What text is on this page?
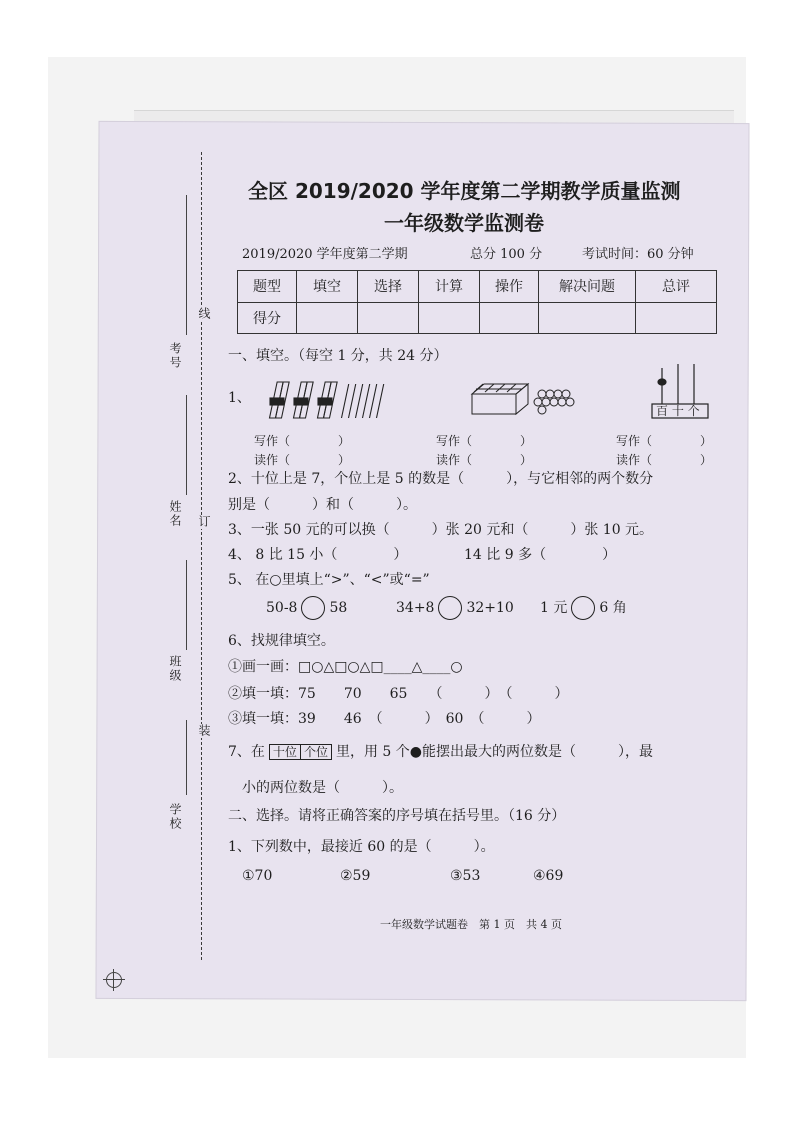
考号
姓名
班级
学校
线
订
装
全区 2019/2020 学年度第二学期教学质量监测
一年级数学监测卷
2019/2020 学年度第二学期	总分 100 分	考试时间：60 分钟
题型	填空	选择	计算	操作	解决问题	总评
得分						
一、填空。（每空 1 分，共 24 分）
1、
百 十 个
写作（　　　　）
读作（　　　　）
写作（　　　　）
读作（　　　　）
写作（　　　　）
读作（　　　　）
2、十位上是 7，个位上是 5 的数是（　　　），与它相邻的两个数分
别是（　　　）和（　　　）。
3、一张 50 元的可以换（　　　）张 20 元和（　　　）张 10 元。
4、 8 比 15 小（　　　　）	14 比 9 多（　　　　）
5、 在○里填上“>”、“<”或“=”
50-8 58	34+8 32+10 1 元 6 角
6、找规律填空。
①画一画：□○△□○△□____△____○
②填一填：75　　70　　65　　（　　　）　（　　　）
③填一填：39　　46　（　　　）　60　（　　　）
7、在 十位 个位 里，用 5 个●能摆出最大的两位数是（　　　），最
小的两位数是（　　　）。
二、选择。请将正确答案的序号填在括号里。（16 分）
1、下列数中，最接近 60 的是（　　　）。
①70	②59	③53	④69
一年级数学试题卷　第 1 页　共 4 页
